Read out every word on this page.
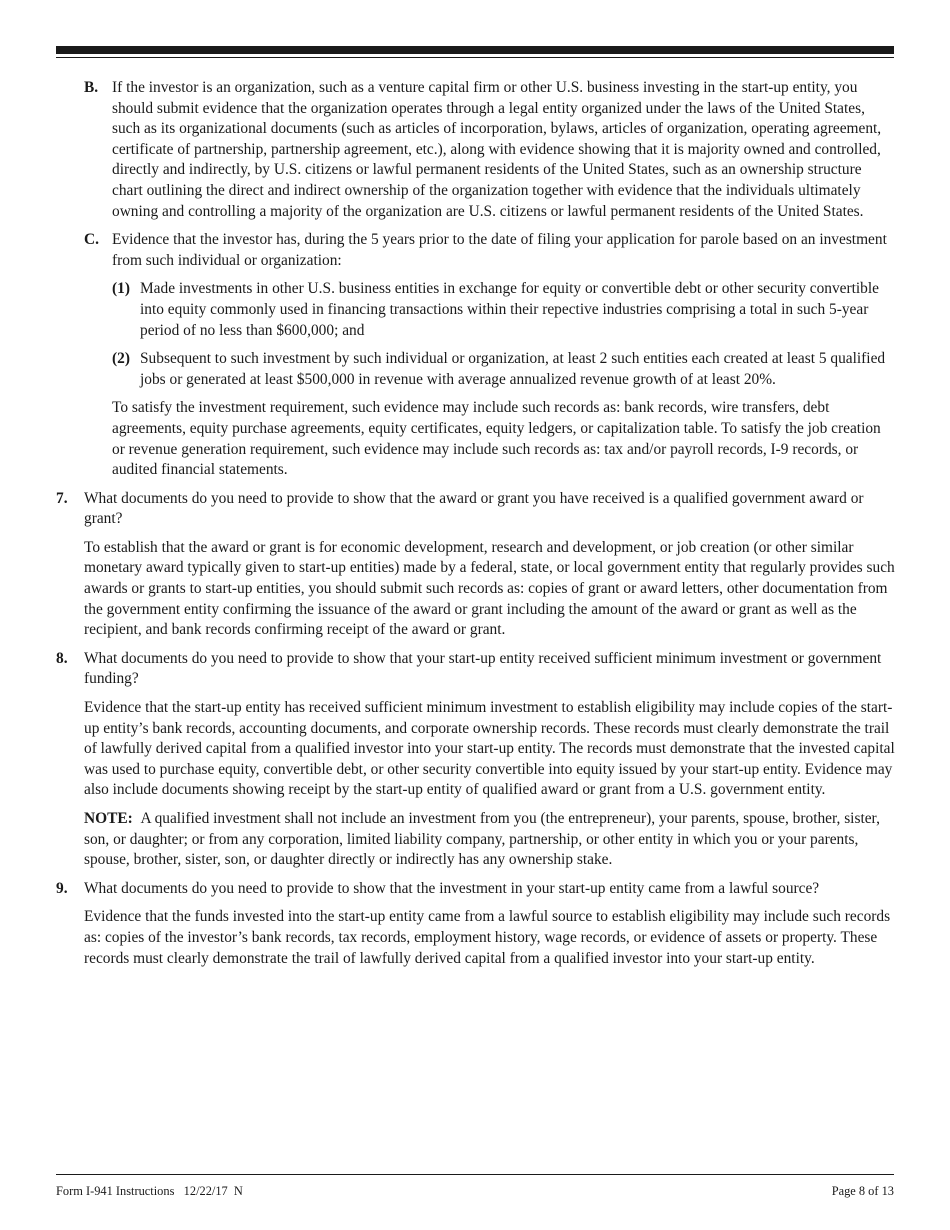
B. If the investor is an organization, such as a venture capital firm or other U.S. business investing in the start-up entity, you should submit evidence that the organization operates through a legal entity organized under the laws of the United States, such as its organizational documents (such as articles of incorporation, bylaws, articles of organization, operating agreement, certificate of partnership, partnership agreement, etc.), along with evidence showing that it is majority owned and controlled, directly and indirectly, by U.S. citizens or lawful permanent residents of the United States, such as an ownership structure chart outlining the direct and indirect ownership of the organization together with evidence that the individuals ultimately owning and controlling a majority of the organization are U.S. citizens or lawful permanent residents of the United States.

C. Evidence that the investor has, during the 5 years prior to the date of filing your application for parole based on an investment from such individual or organization:

(1) Made investments in other U.S. business entities in exchange for equity or convertible debt or other security convertible into equity commonly used in financing transactions within their repective industries comprising a total in such 5-year period of no less than $600,000; and

(2) Subsequent to such investment by such individual or organization, at least 2 such entities each created at least 5 qualified jobs or generated at least $500,000 in revenue with average annualized revenue growth of at least 20%.

To satisfy the investment requirement, such evidence may include such records as: bank records, wire transfers, debt agreements, equity purchase agreements, equity certificates, equity ledgers, or capitalization table. To satisfy the job creation or revenue generation requirement, such evidence may include such records as: tax and/or payroll records, I-9 records, or audited financial statements.

7.	What documents do you need to provide to show that the award or grant you have received is a qualified government award or grant?

To establish that the award or grant is for economic development, research and development, or job creation (or other similar monetary award typically given to start-up entities) made by a federal, state, or local government entity that regularly provides such awards or grants to start-up entities, you should submit such records as: copies of grant or award letters, other documentation from the government entity confirming the issuance of the award or grant including the amount of the award or grant as well as the recipient, and bank records confirming receipt of the award or grant.

8.	What documents do you need to provide to show that your start-up entity received sufficient minimum investment or government funding?

Evidence that the start-up entity has received sufficient minimum investment to establish eligibility may include copies of the start-up entity’s bank records, accounting documents, and corporate ownership records. These records must clearly demonstrate the trail of lawfully derived capital from a qualified investor into your start-up entity. The records must demonstrate that the invested capital was used to purchase equity, convertible debt, or other security convertible into equity issued by your start-up entity. Evidence may also include documents showing receipt by the start-up entity of qualified award or grant from a U.S. government entity.

NOTE: A qualified investment shall not include an investment from you (the entrepreneur), your parents, spouse, brother, sister, son, or daughter; or from any corporation, limited liability company, partnership, or other entity in which you or your parents, spouse, brother, sister, son, or daughter directly or indirectly has any ownership stake.

9.	What documents do you need to provide to show that the investment in your start-up entity came from a lawful source?

Evidence that the funds invested into the start-up entity came from a lawful source to establish eligibility may include such records as: copies of the investor’s bank records, tax records, employment history, wage records, or evidence of assets or property. These records must clearly demonstrate the trail of lawfully derived capital from a qualified investor into your start-up entity.

Form I-941 Instructions   12/22/17  N	Page 8 of 13
